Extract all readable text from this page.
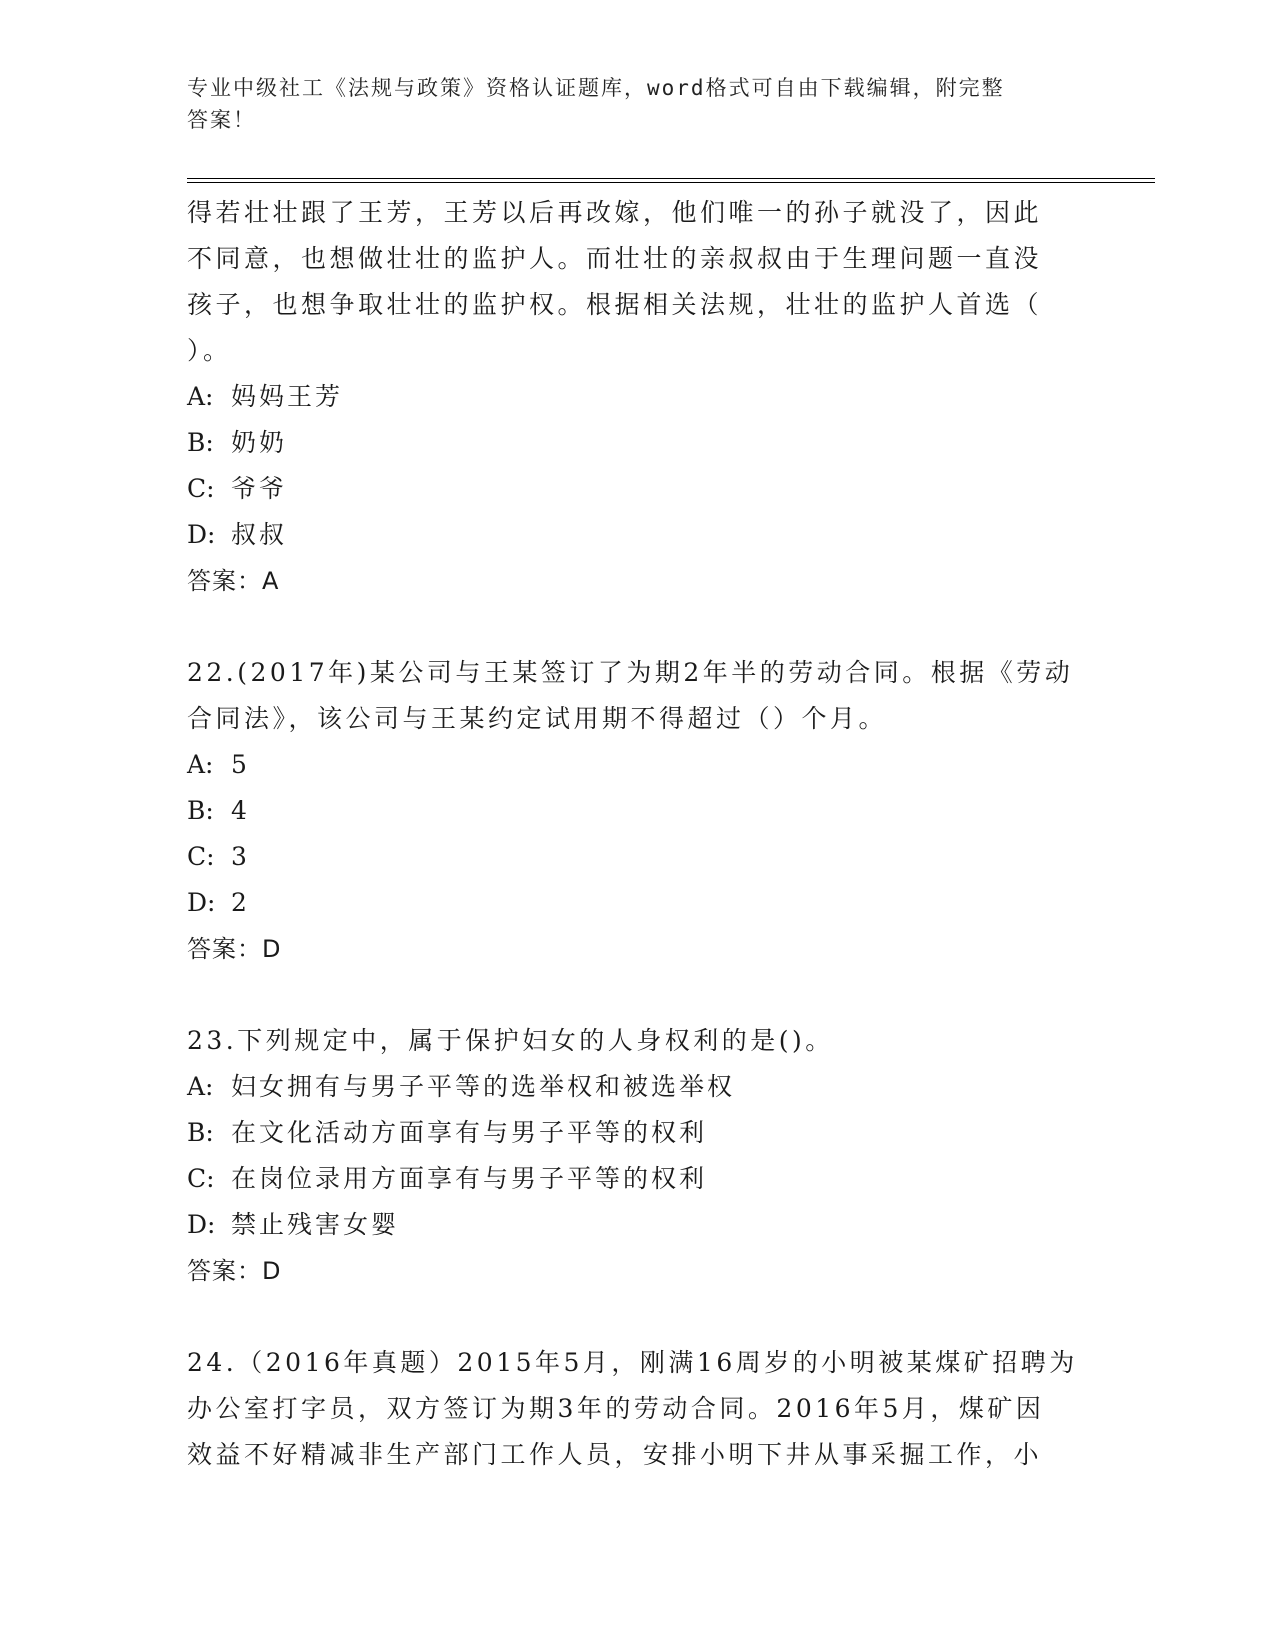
专业中级社工《法规与政策》资格认证题库，word格式可自由下载编辑，附完整
答案！

得若壮壮跟了王芳，王芳以后再改嫁，他们唯一的孙子就没了，因此

不同意，也想做壮壮的监护人。而壮壮的亲叔叔由于生理问题一直没

孩子，也想争取壮壮的监护权。根据相关法规，壮壮的监护人首选（

）。

A: 妈妈王芳

B: 奶奶

C: 爷爷

D: 叔叔

答案：A

22.(2017年)某公司与王某签订了为期2年半的劳动合同。根据《劳动

合同法》，该公司与王某约定试用期不得超过（）个月。

A: 5

B: 4

C: 3

D: 2

答案：D

23.下列规定中，属于保护妇女的人身权利的是()。

A: 妇女拥有与男子平等的选举权和被选举权

B: 在文化活动方面享有与男子平等的权利

C: 在岗位录用方面享有与男子平等的权利

D: 禁止残害女婴

答案：D

24.（2016年真题）2015年5月，刚满16周岁的小明被某煤矿招聘为

办公室打字员，双方签订为期3年的劳动合同。2016年5月，煤矿因

效益不好精减非生产部门工作人员，安排小明下井从事采掘工作，小
